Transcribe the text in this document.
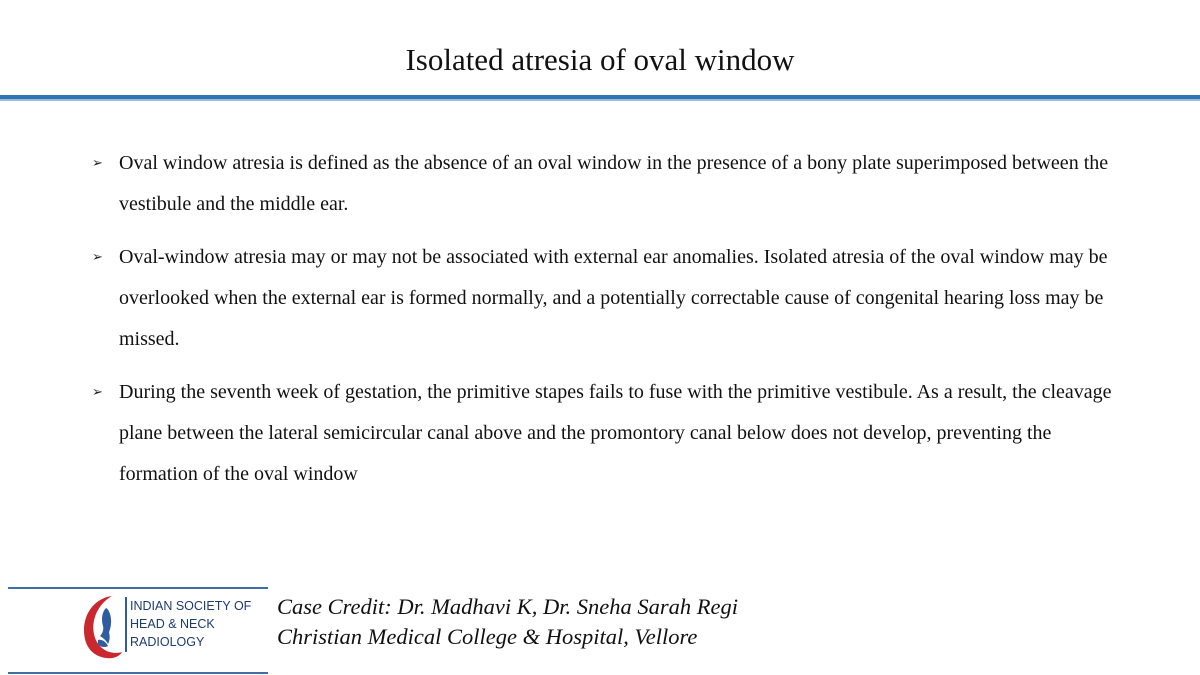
Isolated atresia of oval window
➢ Oval window atresia is defined as the absence of an oval window in the presence of a bony plate superimposed between the vestibule and the middle ear.
➢ Oval-window atresia may or may not be associated with external ear anomalies. Isolated atresia of the oval window may be overlooked when the external ear is formed normally, and a potentially correctable cause of congenital hearing loss may be missed.
➢ During the seventh week of gestation, the primitive stapes fails to fuse with the primitive vestibule. As a result, the cleavage plane between the lateral semicircular canal above and the promontory canal below does not develop, preventing the formation of the oval window
INDIAN SOCIETY OF
HEAD & NECK
RADIOLOGY
Case Credit: Dr. Madhavi K, Dr. Sneha Sarah Regi
Christian Medical College & Hospital, Vellore
